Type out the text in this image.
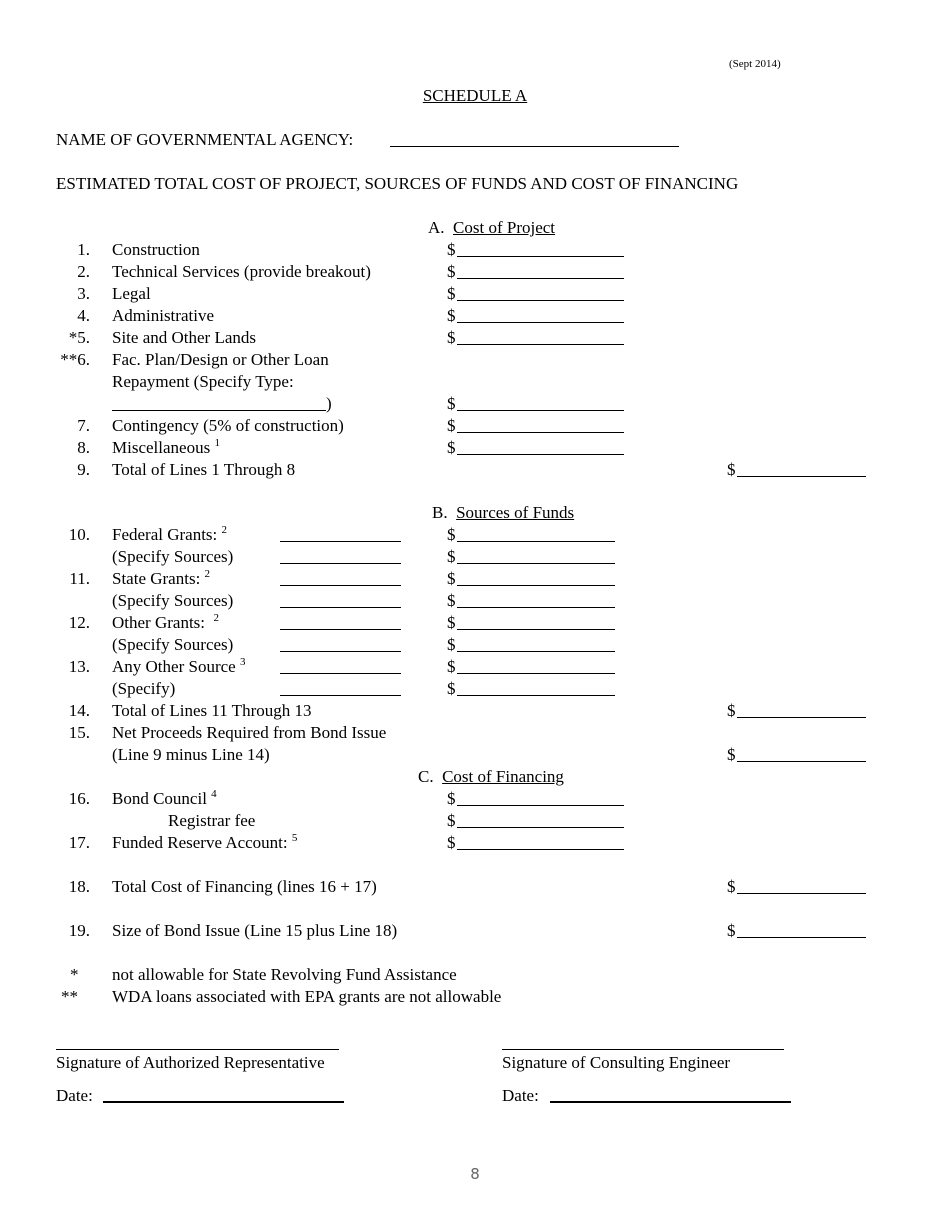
(Sept 2014)
SCHEDULE A
NAME OF GOVERNMENTAL AGENCY:
ESTIMATED TOTAL COST OF PROJECT, SOURCES OF FUNDS AND COST OF FINANCING
A. Cost of Project
1. Construction	$
2. Technical Services (provide breakout)	$
3. Legal	$
4. Administrative	$
*5. Site and Other Lands	$
**6. Fac. Plan/Design or Other Loan
Repayment (Specify Type:
)	$
7. Contingency (5% of construction)	$
8. Miscellaneous $^1$	$
9. Total of Lines 1 Through 8	$
B. Sources of Funds
10. Federal Grants: $^2$	$
(Specify Sources)	$
11. State Grants: $^2$	$
(Specify Sources)	$
12. Other Grants: $^2$	$
(Specify Sources)	$
13. Any Other Source $^3$	$
(Specify)	$
14. Total of Lines 11 Through 13	$
15. Net Proceeds Required from Bond Issue
(Line 9 minus Line 14)	$
C. Cost of Financing
16. Bond Council $^4$	$
Registrar fee	$
17. Funded Reserve Account: $^5$	$
18. Total Cost of Financing (lines 16 + 17)	$
19. Size of Bond Issue (Line 15 plus Line 18)	$
* not allowable for State Revolving Fund Assistance
** WDA loans associated with EPA grants are not allowable
Signature of Authorized Representative	Signature of Consulting Engineer
Date:	Date:
8
